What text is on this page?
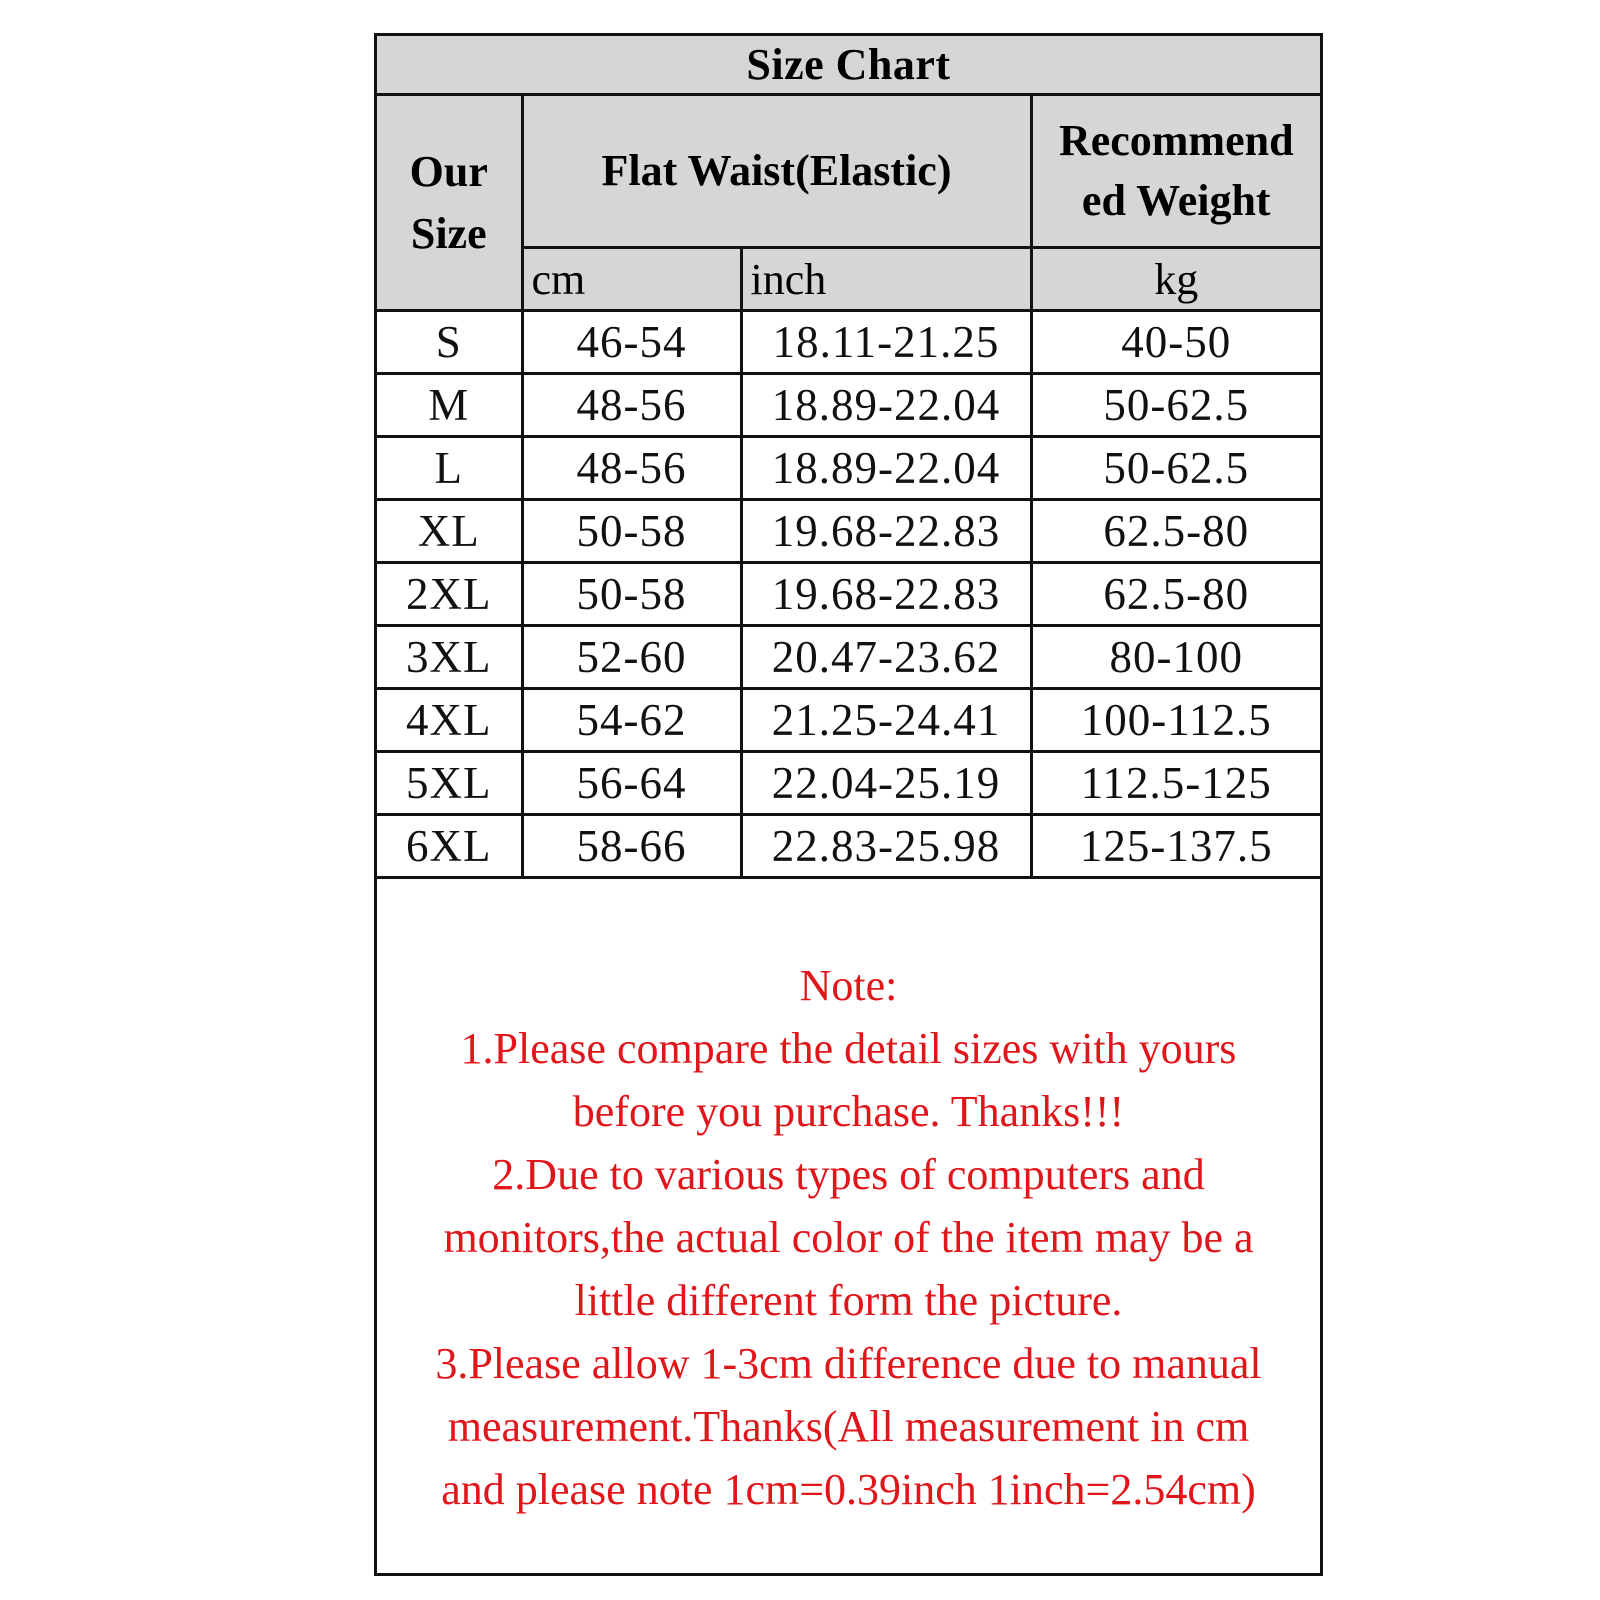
Size Chart			
Our Size	Flat Waist(Elastic)		Recommend
ed Weight

	cm	inch	kg
S	46-54	18.11-21.25	40-50
M	48-56	18.89-22.04	50-62.5
L	48-56	18.89-22.04	50-62.5
XL	50-58	19.68-22.83	62.5-80
2XL	50-58	19.68-22.83	62.5-80
3XL	52-60	20.47-23.62	80-100
4XL	54-62	21.25-24.41	100-112.5
5XL	56-64	22.04-25.19	112.5-125
6XL	58-66	22.83-25.98	125-137.5
Note:
1.Please compare the detail sizes with yours
before you purchase. Thanks!!!
2.Due to various types of computers and
monitors,the actual color of the item may be a
little different form the picture.
3.Please allow 1-3cm difference due to manual
measurement.Thanks(All measurement in cm
and please note 1cm=0.39inch 1inch=2.54cm)
